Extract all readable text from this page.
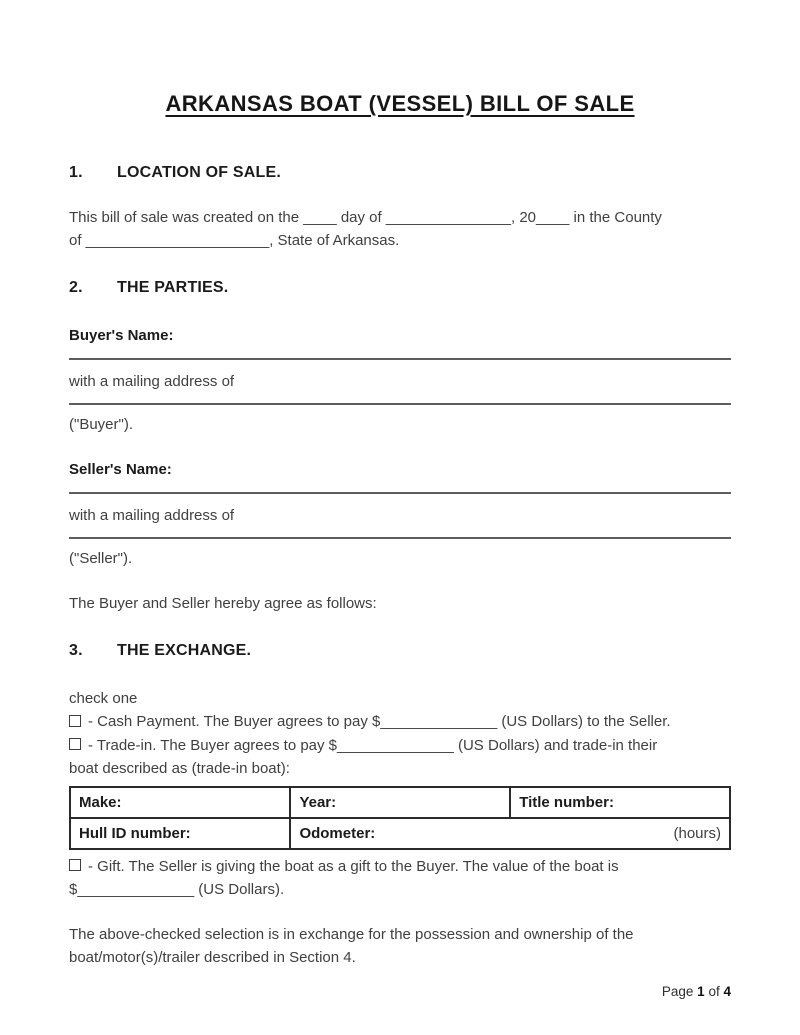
ARKANSAS BOAT (VESSEL) BILL OF SALE
1.	LOCATION OF SALE.
This bill of sale was created on the ____ day of _______________, 20____ in the County
of ______________________, State of Arkansas.
2.	THE PARTIES.
Buyer's Name:
with a mailing address of
("Buyer").
Seller's Name:
with a mailing address of
("Seller").
The Buyer and Seller hereby agree as follows:
3.	THE EXCHANGE.
check one
- Cash Payment. The Buyer agrees to pay $______________ (US Dollars) to the Seller.
- Trade-in. The Buyer agrees to pay $______________ (US Dollars) and trade-in their
boat described as (trade-in boat):
Make:	Year:	Title number:
Hull ID number:	Odometer: (hours)	
- Gift. The Seller is giving the boat as a gift to the Buyer. The value of the boat is
$______________ (US Dollars).
The above-checked selection is in exchange for the possession and ownership of the
boat/motor(s)/trailer described in Section 4.
Page 1 of 4
